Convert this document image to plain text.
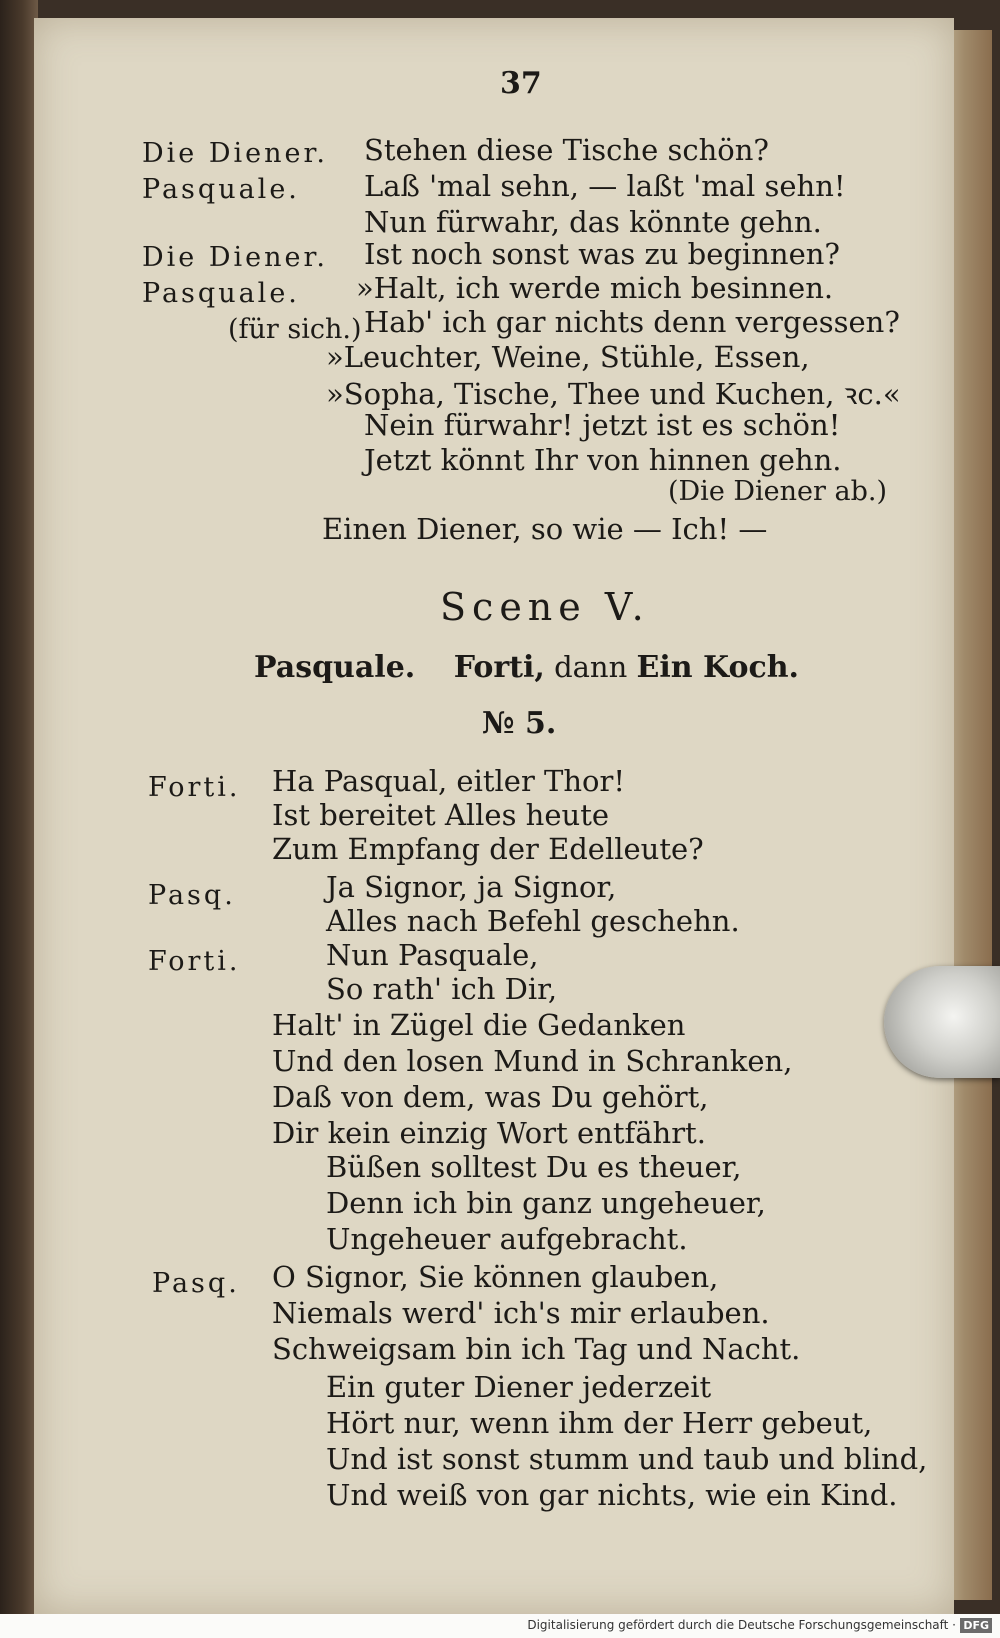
37
Die Diener. Stehen diese Tische schön?
Pasquale. Laß 'mal sehn, — laßt 'mal sehn!
Nun fürwahr, das könnte gehn.
Die Diener. Ist noch sonst was zu beginnen?
Pasquale. »Halt, ich werde mich besinnen.
(für sich.) Hab' ich gar nichts denn vergessen?
»Leuchter, Weine, Stühle, Essen,
»Sopha, Tische, Thee und Kuchen, ꝛc.«
Nein fürwahr! jetzt ist es schön!
Jetzt könnt Ihr von hinnen gehn.
(Die Diener ab.)
Einen Diener, so wie — Ich! —
Scene V.
Pasquale. Forti, dann Ein Koch.
№ 5.
Forti. Ha Pasqual, eitler Thor!
Ist bereitet Alles heute
Zum Empfang der Edelleute?
Pasq.	Ja Signor, ja Signor,
Alles nach Befehl geschehn.
Forti.	Nun Pasquale,
So rath' ich Dir,
Halt' in Zügel die Gedanken
Und den losen Mund in Schranken,
Daß von dem, was Du gehört,
Dir kein einzig Wort entfährt.
Büßen solltest Du es theuer,
Denn ich bin ganz ungeheuer,
Ungeheuer aufgebracht.
Pasq. O Signor, Sie können glauben,
Niemals werd' ich's mir erlauben.
Schweigsam bin ich Tag und Nacht.
Ein guter Diener jederzeit
Hört nur, wenn ihm der Herr gebeut,
Und ist sonst stumm und taub und blind,
Und weiß von gar nichts, wie ein Kind.
Digitalisierung gefördert durch die Deutsche Forschungsgemeinschaft · DFG
